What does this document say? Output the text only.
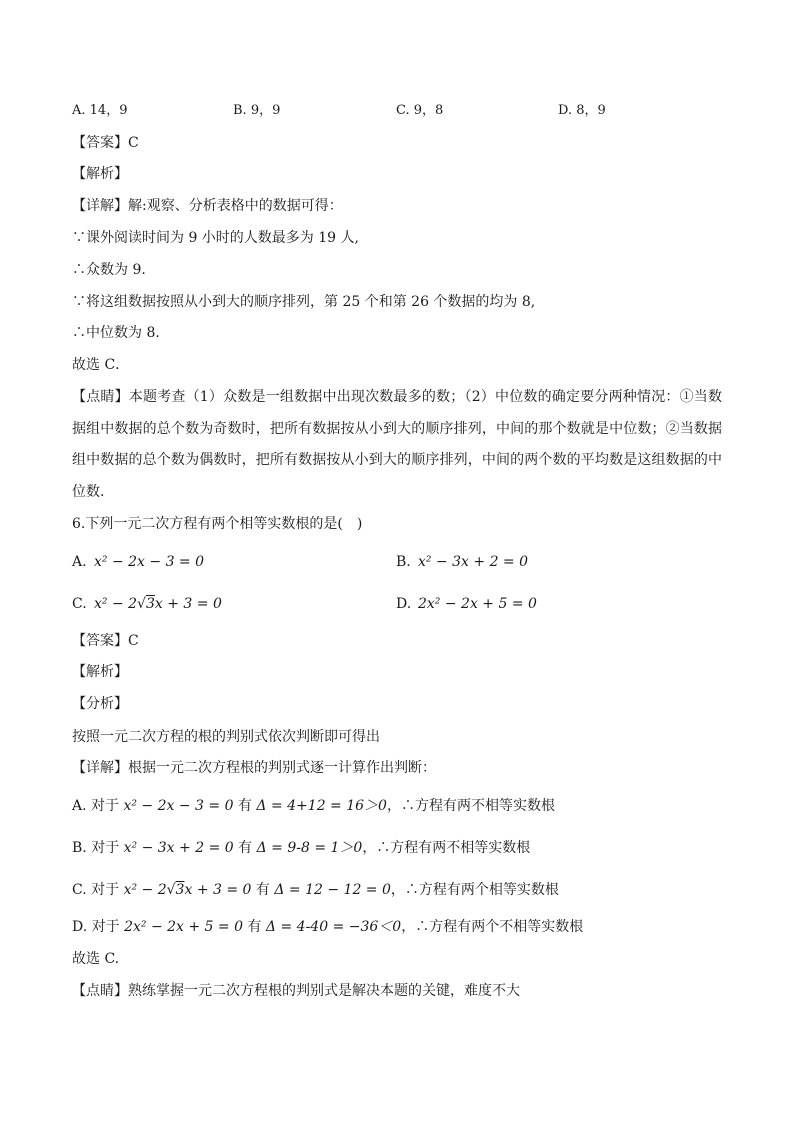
A. 14，9	B. 9，9	C. 9，8	D. 8，9
【答案】C
【解析】
【详解】解:观察、分析表格中的数据可得：
∵课外阅读时间为 9 小时的人数最多为 19 人,
∴众数为 9.
∵将这组数据按照从小到大的顺序排列，第 25 个和第 26 个数据的均为 8,
∴中位数为 8.
故选 C．
【点睛】本题考查（1）众数是一组数据中出现次数最多的数；（2）中位数的确定要分两种情况：①当数据组中数据的总个数为奇数时，把所有数据按从小到大的顺序排列，中间的那个数就是中位数；②当数据组中数据的总个数为偶数时，把所有数据按从小到大的顺序排列，中间的两个数的平均数是这组数据的中位数.
6.下列一元二次方程有两个相等实数根的是(　)
A. x² − 2x − 3 = 0	B. x² − 3x + 2 = 0
C. x² − 2√3x + 3 = 0	D. 2x² − 2x + 5 = 0
【答案】C
【解析】
【分析】
按照一元二次方程的根的判别式依次判断即可得出
【详解】根据一元二次方程根的判别式逐一计算作出判断：
A. 对于 x² − 2x − 3 = 0 有 Δ = 4+12 = 16＞0，∴方程有两不相等实数根
B. 对于 x² − 3x + 2 = 0 有 Δ = 9-8 = 1＞0，∴方程有两不相等实数根
C. 对于 x² − 2√3x + 3 = 0 有 Δ = 12 − 12 = 0，∴方程有两个相等实数根
D. 对于 2x² − 2x + 5 = 0 有 Δ = 4-40 = −36＜0，∴方程有两个不相等实数根
故选 C.
【点睛】熟练掌握一元二次方程根的判别式是解决本题的关键，难度不大
